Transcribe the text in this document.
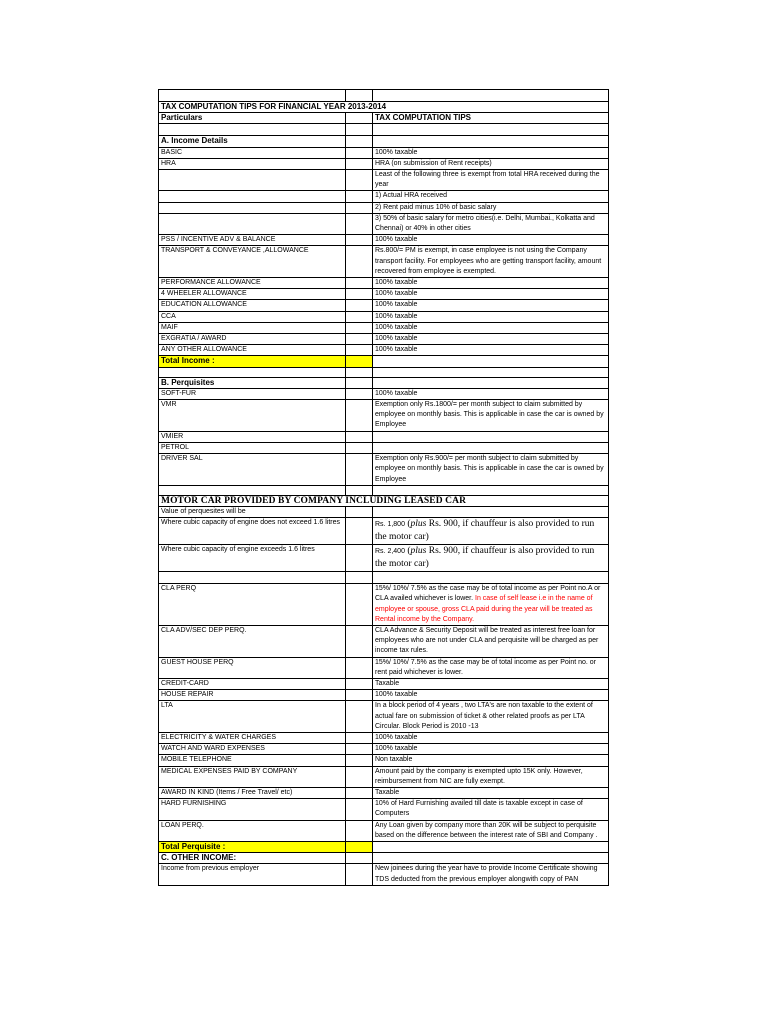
TAX COMPUTATION TIPS FOR FINANCIAL YEAR 2013-2014		
Particulars		TAX COMPUTATION TIPS

A. Income Details		
BASIC		100% taxable
HRA		HRA (on submission of Rent receipts)
		Least of the following three is exempt from total HRA received during the year
		1) Actual HRA received
		2) Rent paid minus 10% of basic salary
		3) 50% of basic salary for metro cities(i.e. Delhi, Mumbai., Kolkatta and Chennai) or 40% in other cities
PSS / INCENTIVE ADV & BALANCE		100% taxable
TRANSPORT & CONVEYANCE ,ALLOWANCE		Rs.800/= PM is exempt, in case employee is not using the Company transport facility. For employees who are getting transport facility, amount recovered from employee is exempted.
PERFORMANCE ALLOWANCE		100% taxable
4 WHEELER ALLOWANCE		100% taxable
EDUCATION ALLOWANCE		100% taxable
CCA		100% taxable
MAIF		100% taxable
EXGRATIA / AWARD		100% taxable
ANY OTHER ALLOWANCE		100% taxable
Total Income :		

B. Perquisites		
SOFT-FUR		100% taxable
VMR		Exemption only Rs.1800/= per month subject to claim submitted by employee on monthly basis. This is applicable in case the car is owned by Employee
VMIER		
PETROL		
DRIVER SAL		Exemption only Rs.900/= per month subject to claim submitted by employee on monthly basis. This is applicable in case the car is owned by Employee

MOTOR CAR PROVIDED BY COMPANY INCLUDING LEASED CAR		
Value of perquesites will be		
Where cubic capacity of engine does not exceed 1.6 litres		Rs. 1,800 (plus Rs. 900, if chauffeur is also provided to run the motor car)
Where cubic capacity of engine exceeds 1.6 litres		Rs. 2,400 (plus Rs. 900, if chauffeur is also provided to run the motor car)

CLA PERQ		15%/ 10%/ 7.5% as the case may be of total income as per Point no.A or CLA availed whichever is lower. In case of self lease i.e in the name of employee or spouse, gross CLA paid during the year will be treated as Rental income by the Company.
CLA ADV/SEC DEP PERQ.		CLA Advance & Security Deposit will be treated as interest free loan for employees who are not under CLA and perquisite will be charged as per income tax rules.
GUEST HOUSE PERQ		15%/ 10%/ 7.5% as the case may be of total income as per Point no. or rent paid whichever is lower.
CREDIT-CARD		Taxable
HOUSE REPAIR		100% taxable
LTA		In a block period of 4 years , two LTA's are non taxable to the extent of actual fare on submission of ticket & other related proofs as per LTA Circular. Block Period is 2010 -13
ELECTRICITY & WATER CHARGES		100% taxable
WATCH AND WARD EXPENSES		100% taxable
MOBILE TELEPHONE		Non taxable
MEDICAL EXPENSES PAID BY COMPANY		Amount paid by the company is exempted upto 15K only. However, reimbursement from NIC are fully exempt.
AWARD IN KIND (Items / Free Travel/ etc)		Taxable
HARD FURNISHING		10% of Hard Furnishing availed till date is taxable except in case of Computers
LOAN PERQ.		Any Loan given by company more than 20K will be subject to perquisite based on the difference between the interest rate of SBI and Company .
Total Perquisite :		
C. OTHER INCOME:		
Income from previous employer		New joinees during the year have to provide Income Certificate showing TDS deducted from the previous employer alongwith copy of PAN
